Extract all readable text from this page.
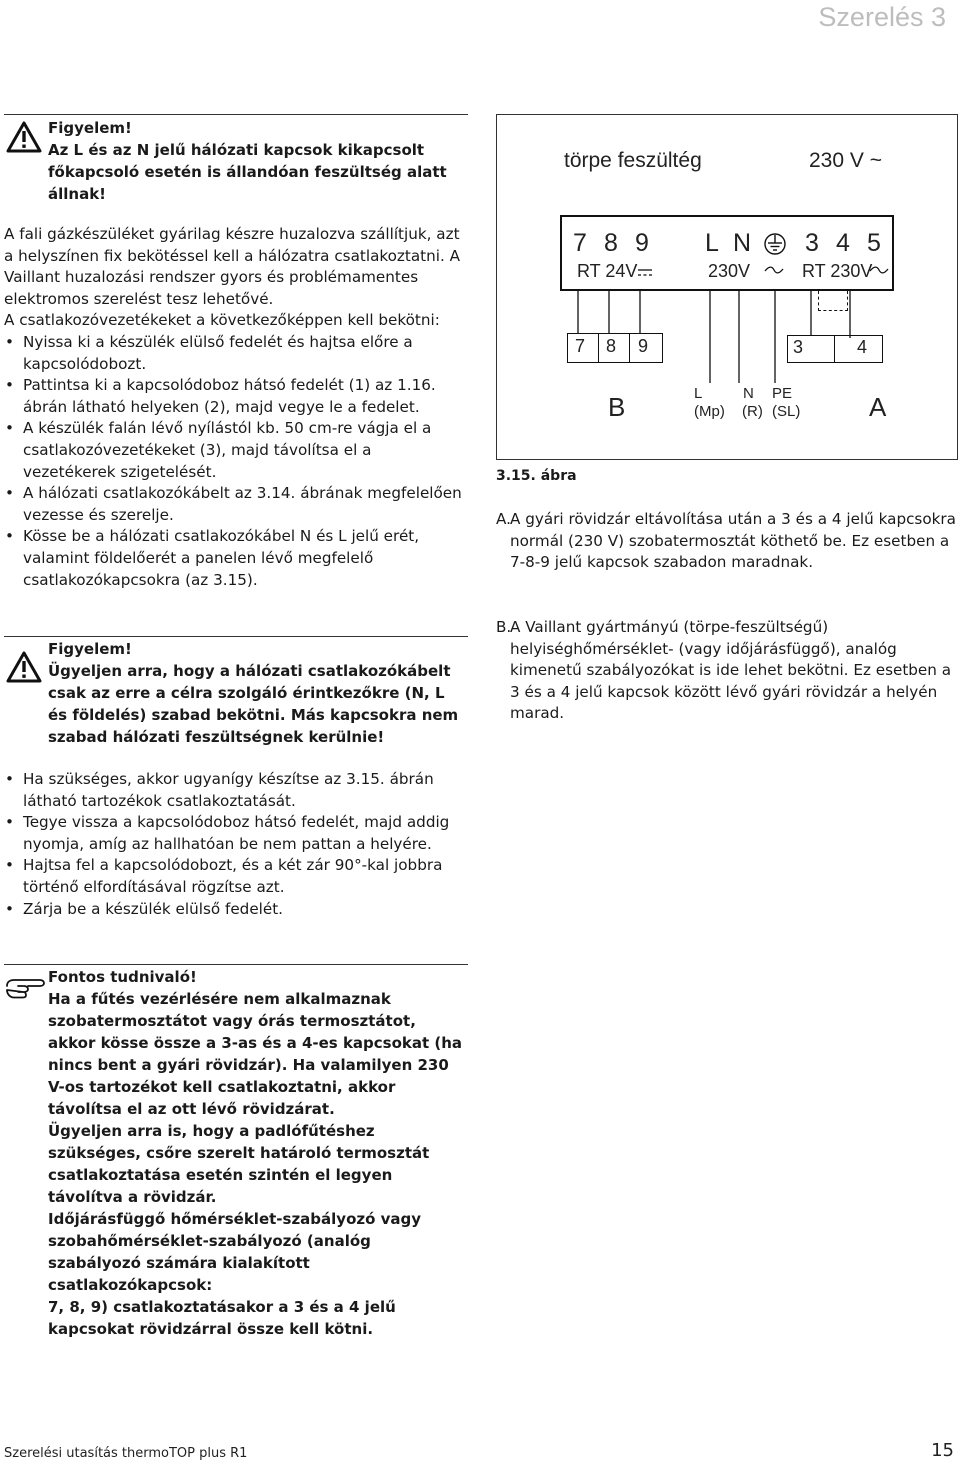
Szerelés 3
Figyelem!
Az L és az N jelű hálózati kapcsok kikapcsolt főkapcsoló esetén is állandóan feszültség alatt állnak!
A fali gázkészüléket gyárilag készre huzalozva szállítjuk, azt a helyszínen fix bekötéssel kell a hálózatra csatlakoztatni. A Vaillant huzalozási rendszer gyors és problémamentes elektromos szerelést tesz lehetővé.
A csatlakozóvezetékeket a következőképpen kell bekötni:
• Nyissa ki a készülék elülső fedelét és hajtsa előre a kapcsolódobozt.
• Pattintsa ki a kapcsolódoboz hátsó fedelét (1) az 1.16. ábrán látható helyeken (2), majd vegye le a fedelet.
• A készülék falán lévő nyílástól kb. 50 cm-re vágja el a csatlakozóvezetékeket (3), majd távolítsa el a vezetékerek szigetelését.
• A hálózati csatlakozókábelt az 3.14. ábrának megfelelően vezesse és szerelje.
• Kösse be a hálózati csatlakozókábel N és L jelű erét, valamint földelőerét a panelen lévő megfelelő csatlakozókapcsokra (az 3.15).
Figyelem!
Ügyeljen arra, hogy a hálózati csatlakozókábelt csak az erre a célra szolgáló érintkezőkre (N, L és földelés) szabad bekötni. Más kapcsokra nem szabad hálózati feszültségnek kerülnie!
• Ha szükséges, akkor ugyanígy készítse az 3.15. ábrán látható tartozékok csatlakoztatását.
• Tegye vissza a kapcsolódoboz hátsó fedelét, majd addig nyomja, amíg az hallhatóan be nem pattan a helyére.
• Hajtsa fel a kapcsolódobozt, és a két zár 90°-kal jobbra történő elfordításával rögzítse azt.
• Zárja be a készülék elülső fedelét.
Fontos tudnivaló!
Ha a fűtés vezérlésére nem alkalmaznak szobatermosztátot vagy órás termosztátot, akkor kösse össze a 3-as és a 4-es kapcsokat (ha nincs bent a gyári rövidzár). Ha valamilyen 230 V-os tartozékot kell csatlakoztatni, akkor távolítsa el az ott lévő rövidzárat.
Ügyeljen arra is, hogy a padlófűtéshez szükséges, csőre szerelt határoló termosztát csatlakoztatása esetén szintén el legyen távolítva a rövidzár.
Időjárásfüggő hőmérséklet-szabályozó vagy szobahőmérséklet-szabályozó (analóg szabályozó számára kialakított csatlakozókapcsok:
7, 8, 9) csatlakoztatásakor a 3 és a 4 jelű kapcsokat rövidzárral össze kell kötni.
törpe feszültég	230 V ~
7 8 9 L N 3 4 5
RT 24V	230V	RT 230V
7 8 9
B
3	4
A
L
(Mp)
N
(R)
PE
(SL)
3.15. ábra
A. A gyári rövidzár eltávolítása után a 3 és a 4 jelű kapcsokra normál (230 V) szobatermosztát köthető be. Ez esetben a 7-8-9 jelű kapcsok szabadon maradnak.
B.
A Vaillant gyártmányú (törpe-feszültségű) helyiséghőmérséklet- (vagy időjárásfüggő), analóg kimenetű szabályozókat is ide lehet bekötni. Ez esetben a 3 és a 4 jelű kapcsok között lévő gyári rövidzár a helyén marad.
Szerelési utasítás thermoTOP plus R1	15
